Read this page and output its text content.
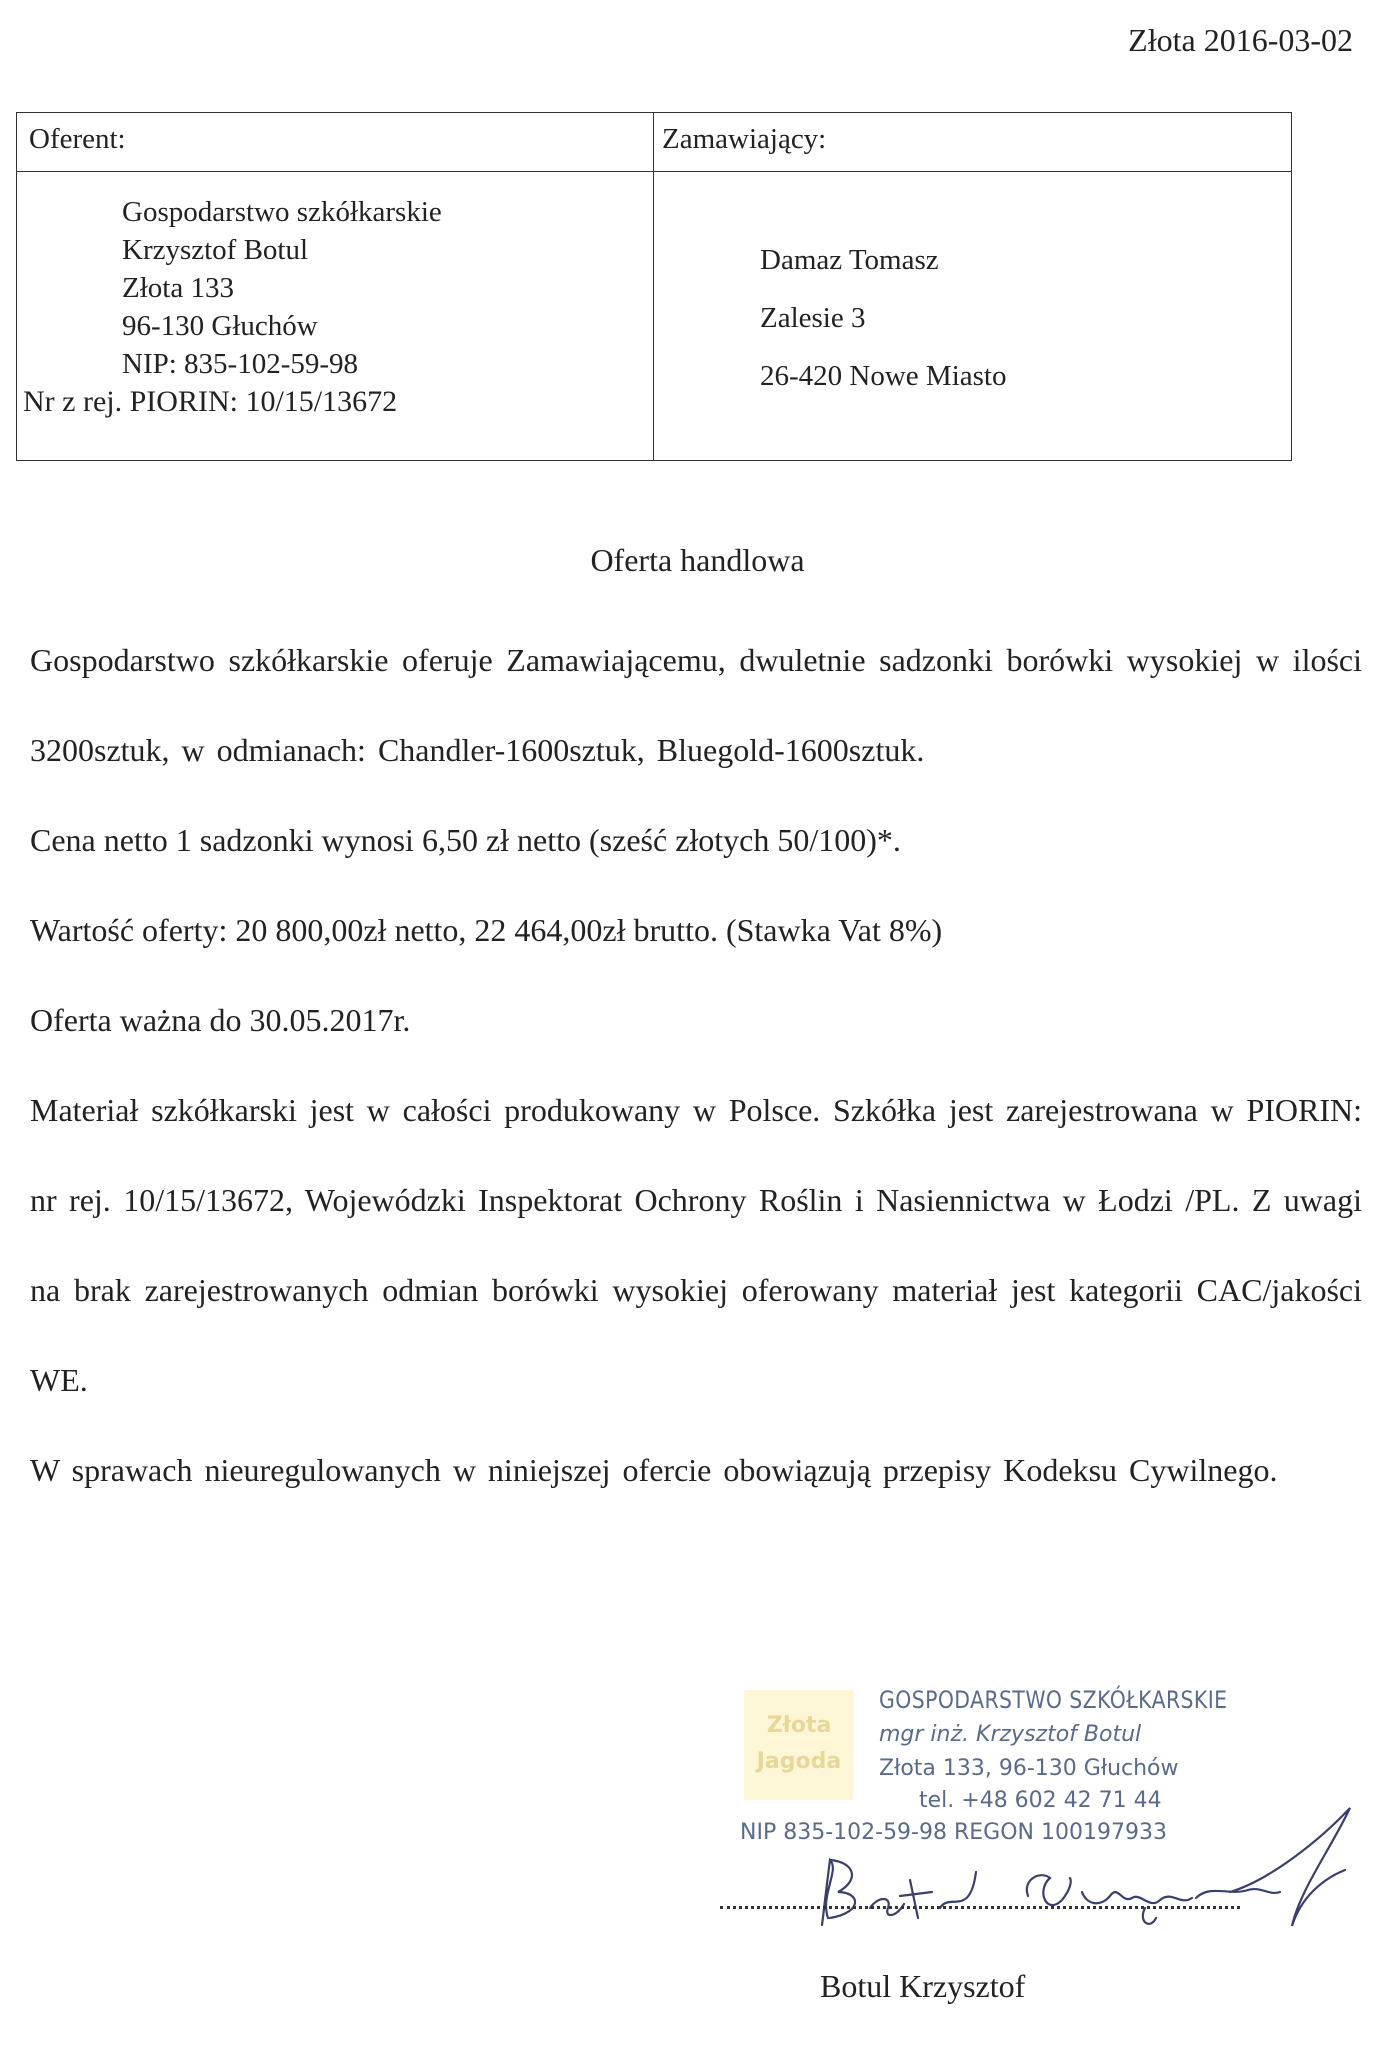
Złota 2016-03-02
Oferent:	Zamawiający:
Gospodarstwo szkółkarskie
Krzysztof Botul
Złota 133
96-130 Głuchów
NIP: 835-102-59-98
Nr z rej. PIORIN: 10/15/13672
Damaz Tomasz
Zalesie 3
26-420 Nowe Miasto
Oferta handlowa

Gospodarstwo szkółkarskie oferuje Zamawiającemu, dwuletnie sadzonki borówki wysokiej w ilości 3200sztuk, w odmianach: Chandler-1600sztuk, Bluegold-1600sztuk.

Cena netto 1 sadzonki wynosi 6,50 zł netto (sześć złotych 50/100)*.

Wartość oferty: 20 800,00zł netto, 22 464,00zł brutto. (Stawka Vat 8%)

Oferta ważna do 30.05.2017r.

Materiał szkółkarski jest w całości produkowany w Polsce. Szkółka jest zarejestrowana w PIORIN: nr rej. 10/15/13672, Wojewódzki Inspektorat Ochrony Roślin i Nasiennictwa w Łodzi /PL. Z uwagi na brak zarejestrowanych odmian borówki wysokiej oferowany materiał jest kategorii CAC/jakości WE.

W sprawach nieuregulowanych w niniejszej ofercie obowiązują przepisy Kodeksu Cywilnego.

Złota
Jagoda
GOSPODARSTWO SZKÓŁKARSKIE
mgr inż. Krzysztof Botul
Złota 133, 96-130 Głuchów
tel. +48 602 42 71 44
NIP 835-102-59-98 REGON 100197933
Botul Krzysztof
